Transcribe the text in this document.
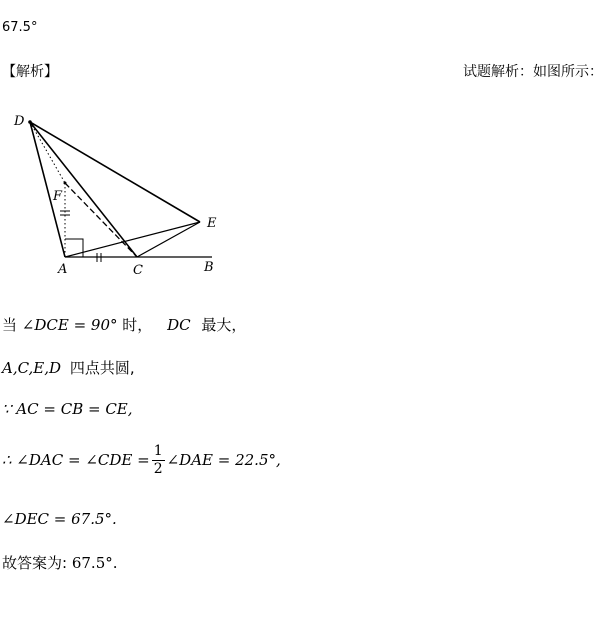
67.5°
【解析】	试题解析：如图所示：
D
F
E
A	C	B
当 ∠DCE = 90° 时， DC 最大，
A,C,E,D 四点共圆,
∵ AC = CB = CE,
∴ ∠DAC = ∠CDE = $\frac{1}{2}$ ∠DAE = 22.5°,
∠DEC = 67.5°.
故答案为: 67.5°.
